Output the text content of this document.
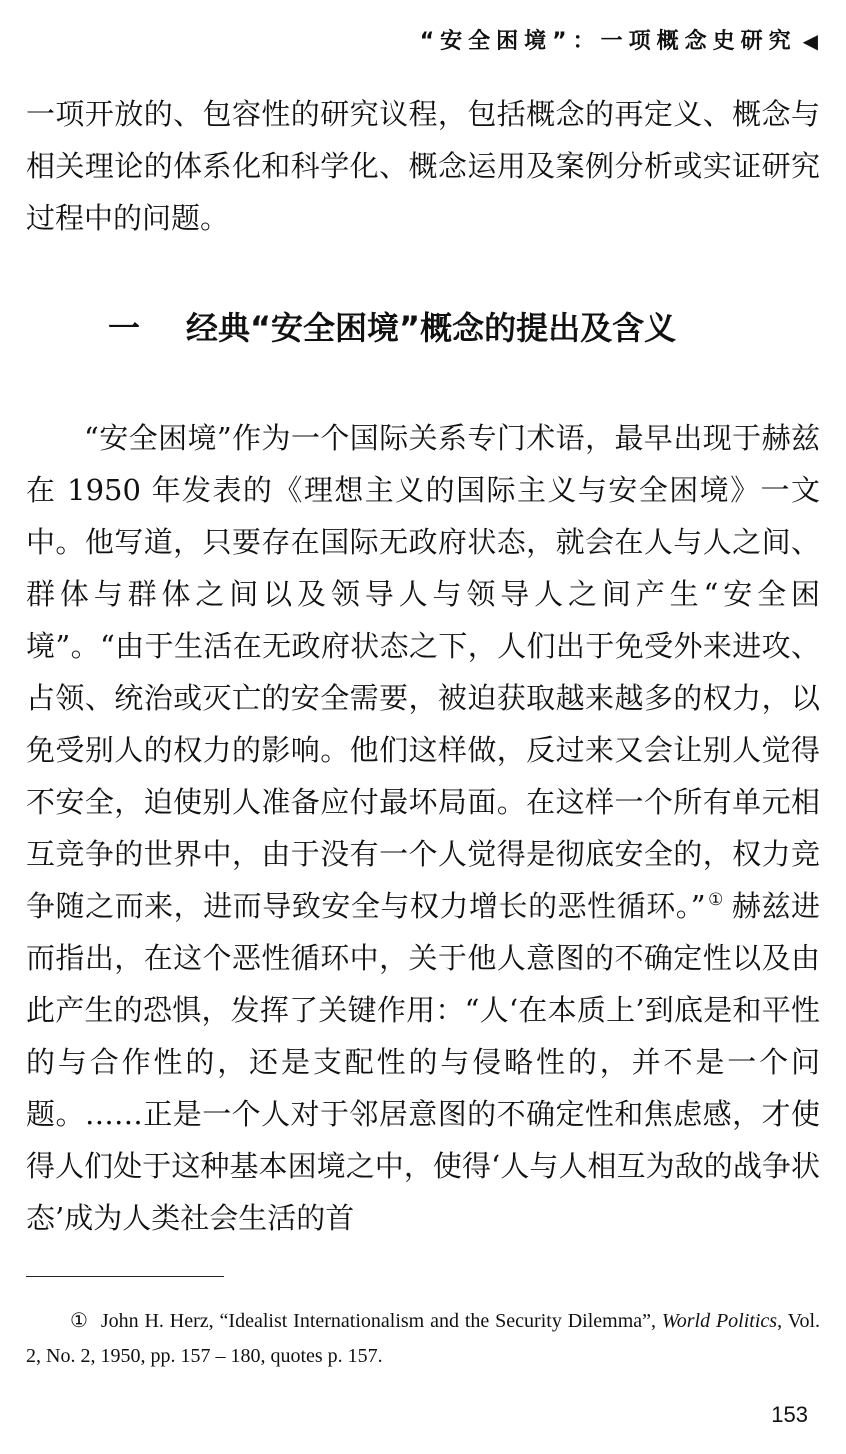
“安全困境”：一项概念史研究 ◀

一项开放的、包容性的研究议程，包括概念的再定义、概念与相关理论的体系化和科学化、概念运用及案例分析或实证研究过程中的问题。

一 经典“安全困境”概念的提出及含义

“安全困境”作为一个国际关系专门术语，最早出现于赫兹在 1950 年发表的《理想主义的国际主义与安全困境》一文中。他写道，只要存在国际无政府状态，就会在人与人之间、群体与群体之间以及领导人与领导人之间产生“安全困境”。“由于生活在无政府状态之下，人们出于免受外来进攻、占领、统治或灭亡的安全需要，被迫获取越来越多的权力，以免受别人的权力的影响。他们这样做，反过来又会让别人觉得不安全，迫使别人准备应付最坏局面。在这样一个所有单元相互竞争的世界中，由于没有一个人觉得是彻底安全的，权力竞争随之而来，进而导致安全与权力增长的恶性循环。” ① 赫兹进而指出，在这个恶性循环中，关于他人意图的不确定性以及由此产生的恐惧，发挥了关键作用：“人‘在本质上’到底是和平性的与合作性的，还是支配性的与侵略性的，并不是一个问题。……正是一个人对于邻居意图的不确定性和焦虑感，才使得人们处于这种基本困境之中，使得‘人与人相互为敌的战争状态’成为人类社会生活的首

① John H. Herz, “Idealist Internationalism and the Security Dilemma”, World Politics, Vol. 2, No. 2, 1950, pp. 157 – 180, quotes p. 157.

153
